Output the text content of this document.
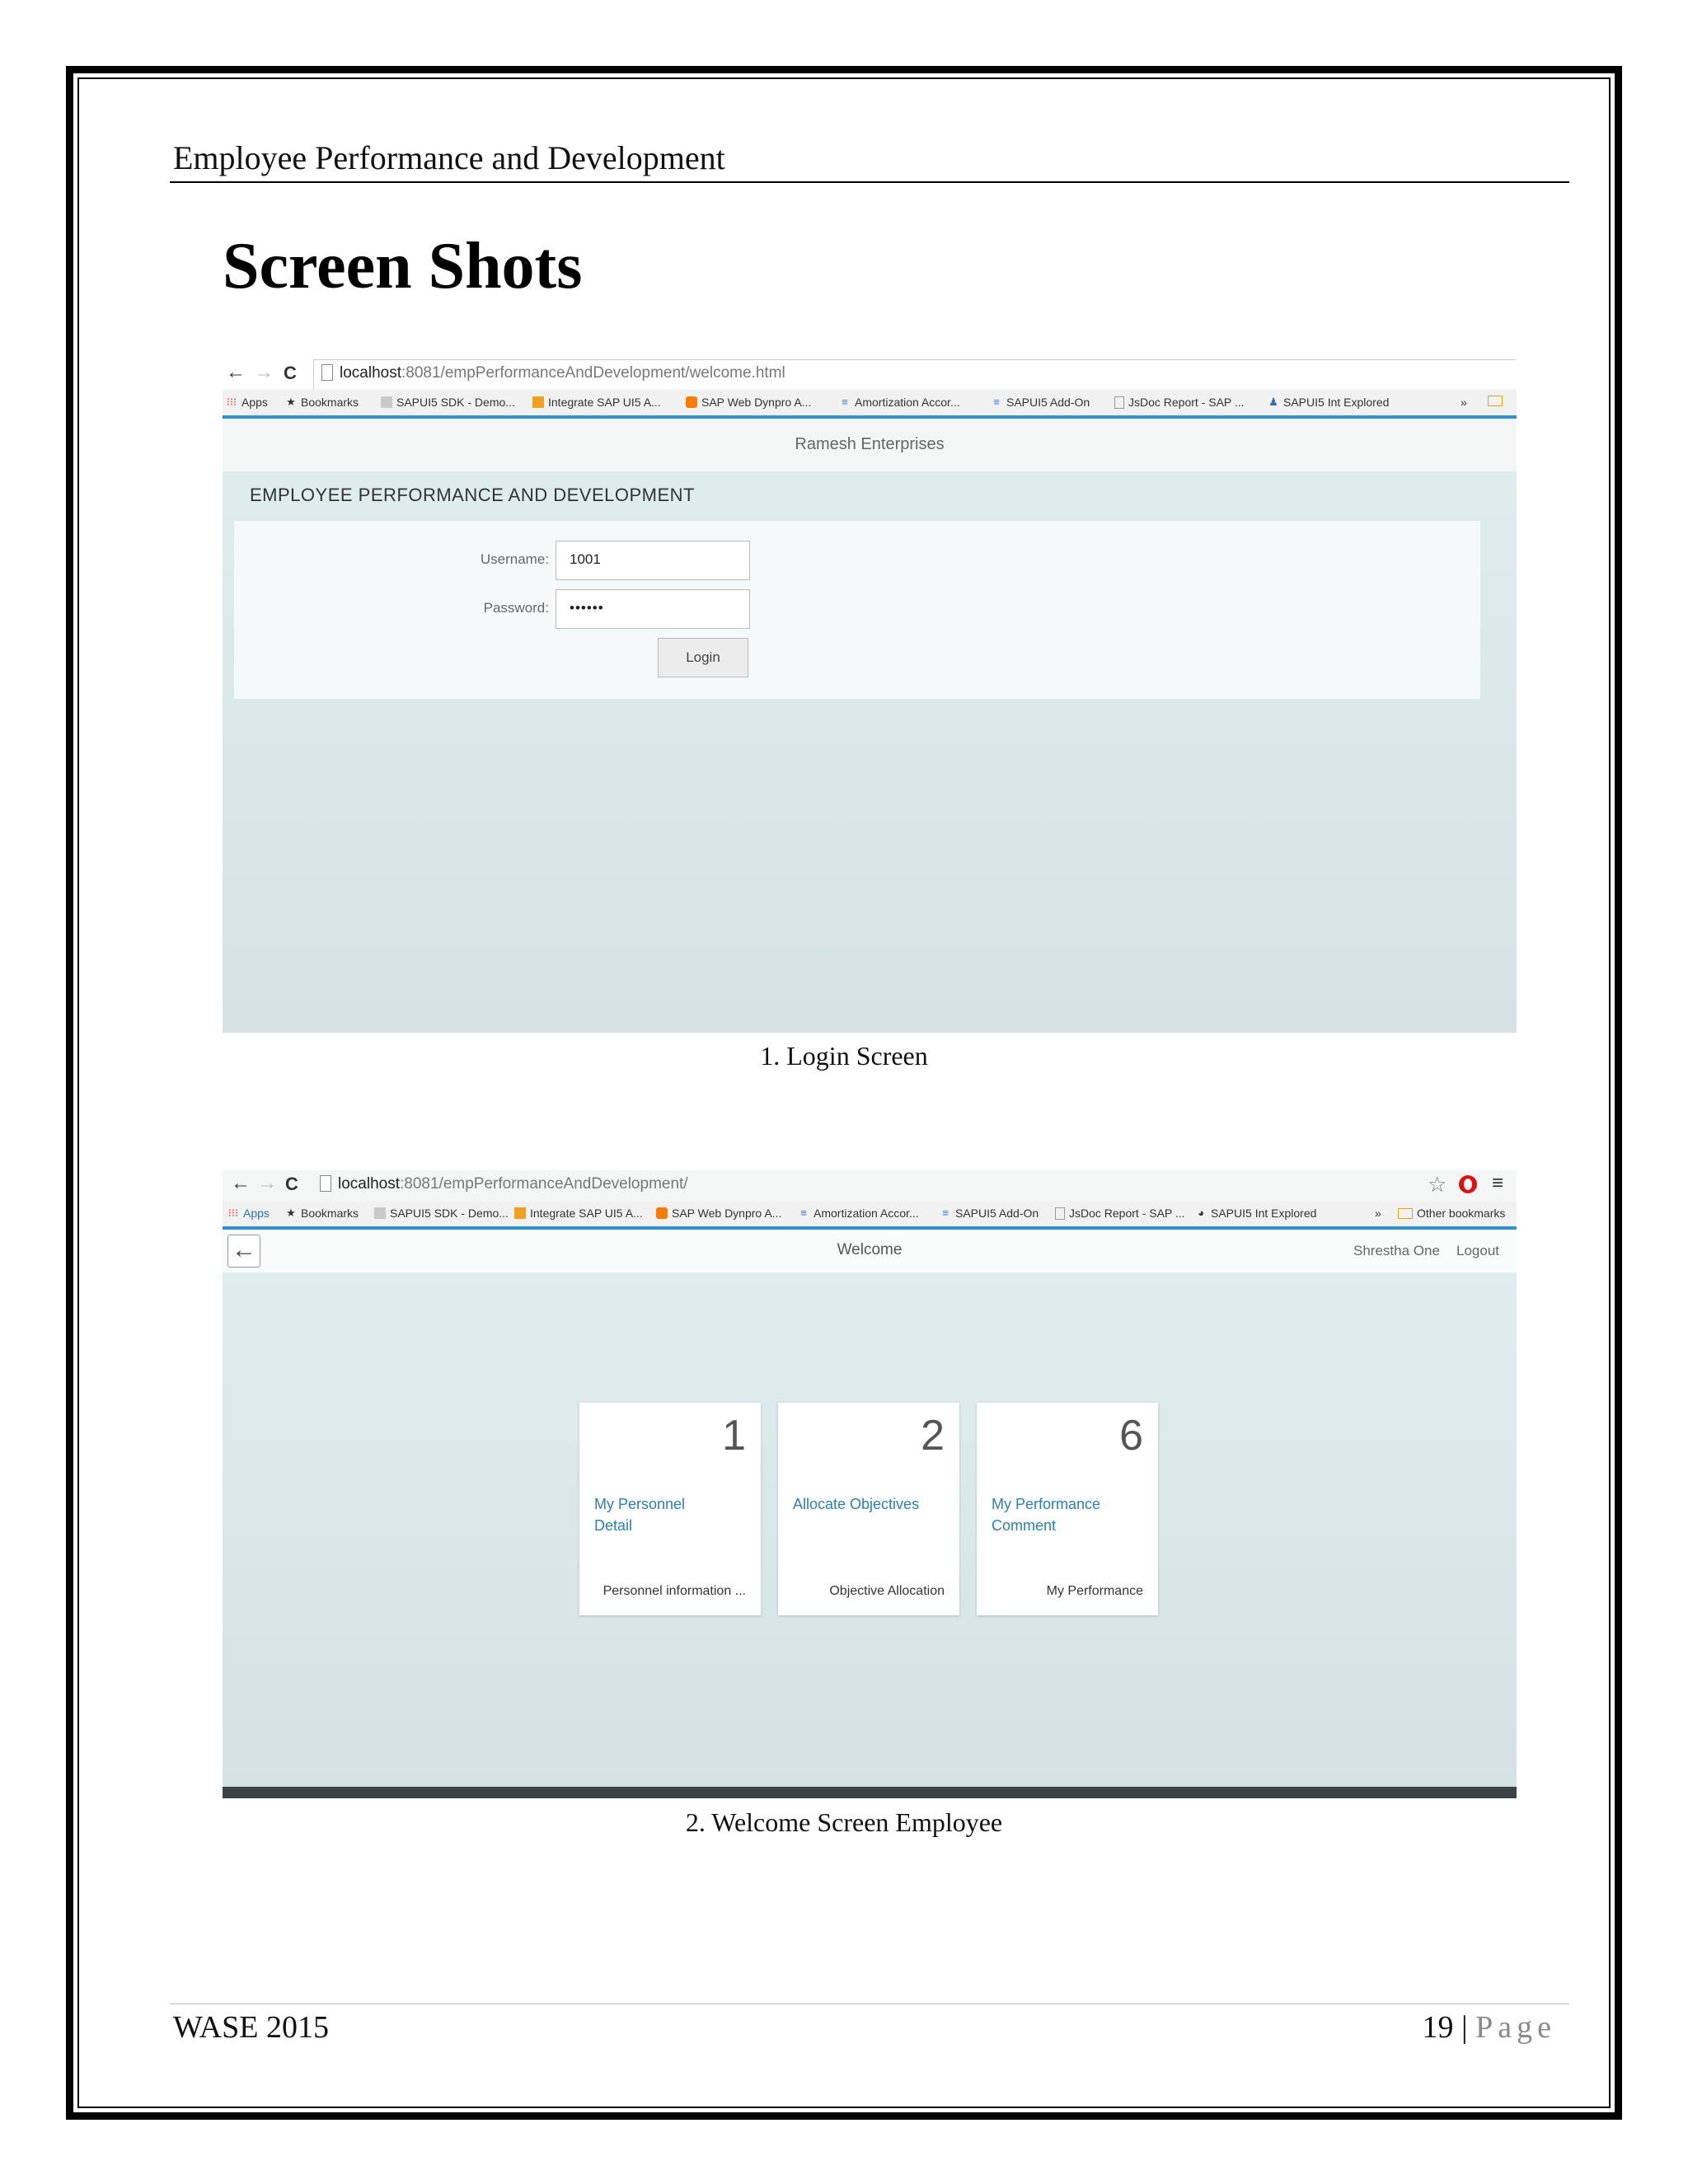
Employee Performance and Development
Screen Shots
← → C	localhost:8081/empPerformanceAndDevelopment/welcome.html
⁝⁝⁝ Apps ★ Bookmarks	SAPUI5 SDK - Demo...	Integrate SAP UI5 A...	SAP Web Dynpro A...	≡ Amortization Accor...	≡ SAPUI5 Add-On	JsDoc Report - SAP ... ♟ SAPUI5 Int Explored	»
Ramesh Enterprises
EMPLOYEE PERFORMANCE AND DEVELOPMENT
Username:	1001
Password:	••••••
Login
1. Login Screen
← → C	localhost:8081/empPerformanceAndDevelopment/	☆ ≡
⁝⁝⁝ Apps ★ Bookmarks	SAPUI5 SDK - Demo... Integrate SAP UI5 A...	SAP Web Dynpro A... ≡ Amortization Accor... ≡ SAPUI5 Add-On	JsDoc Report - SAP ... ◕ SAPUI5 Int Explored	»	Other bookmarks
←	Welcome	Shrestha One Logout
1
My Personnel Detail
Personnel information ...
2
Allocate Objectives
Objective Allocation
6
My Performance Comment
My Performance
2. Welcome Screen Employee
WASE 2015	19 | Page
